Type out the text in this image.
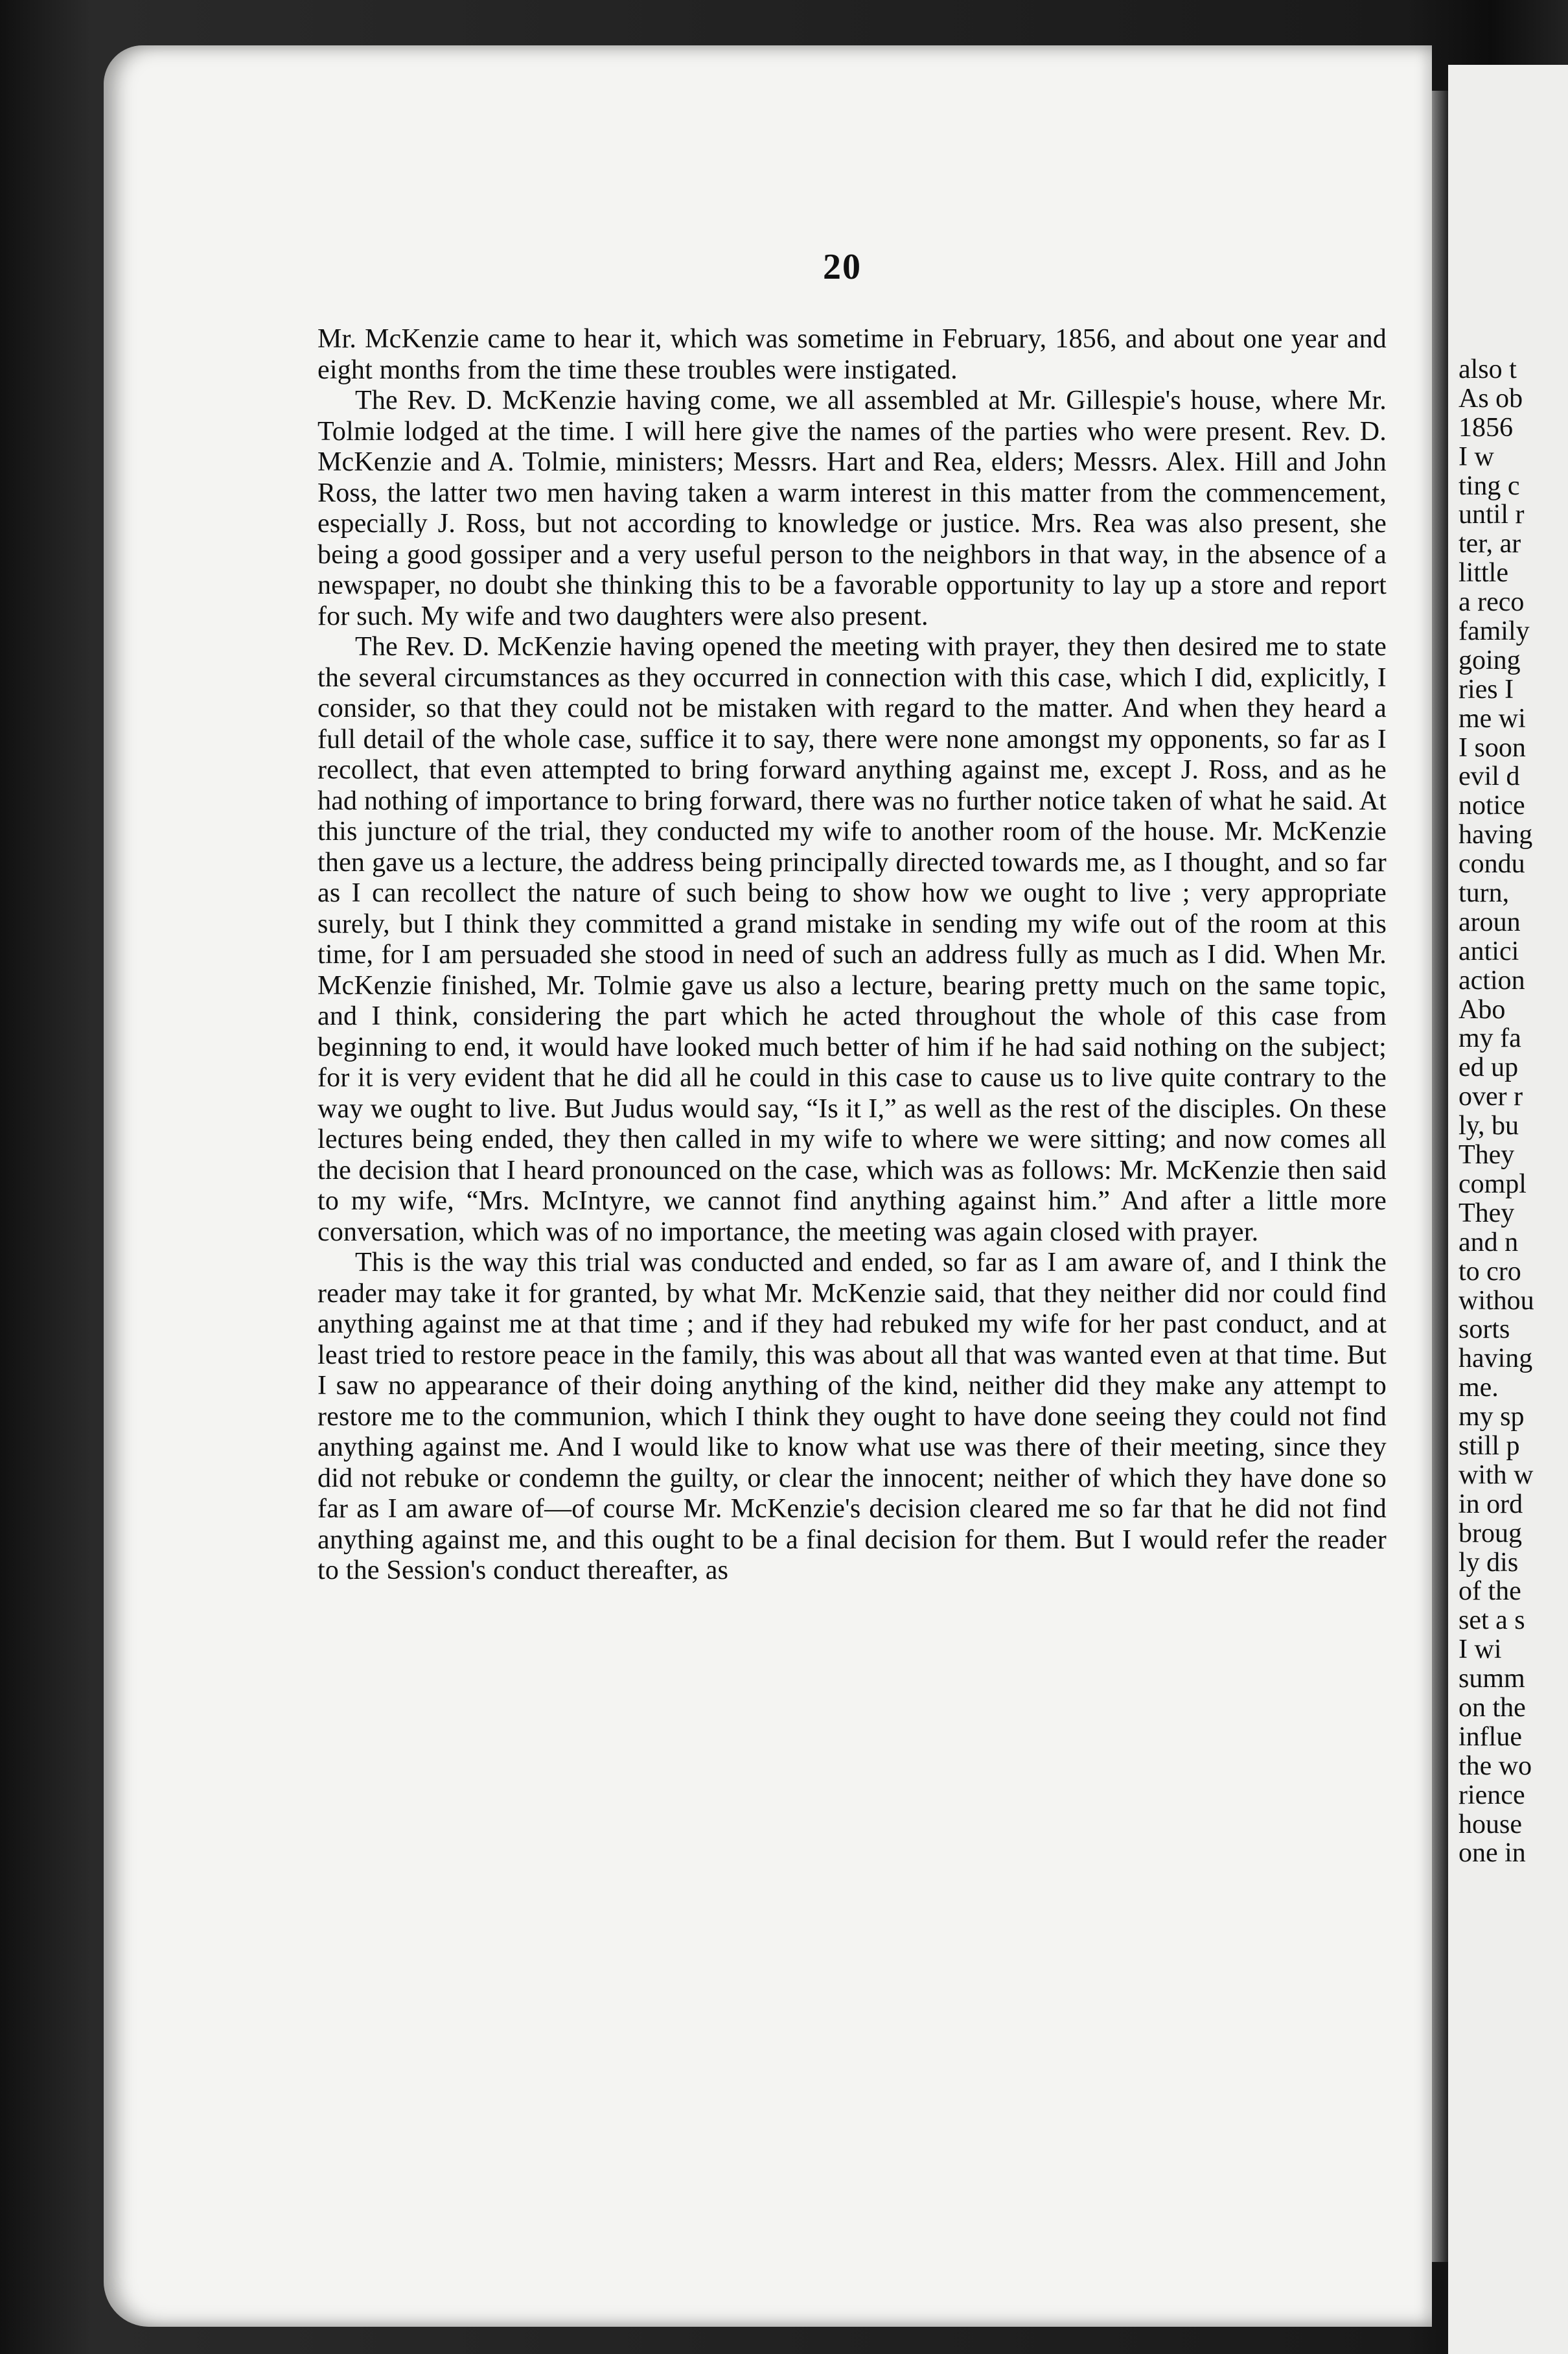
20

Mr. McKenzie came to hear it, which was sometime in February, 1856, and about one year and eight months from the time these troubles were instigated.

The Rev. D. McKenzie having come, we all assembled at Mr. Gillespie's house, where Mr. Tolmie lodged at the time. I will here give the names of the parties who were present. Rev. D. McKenzie and A. Tolmie, ministers; Messrs. Hart and Rea, elders; Messrs. Alex. Hill and John Ross, the latter two men having taken a warm interest in this matter from the commencement, especially J. Ross, but not according to knowledge or justice. Mrs. Rea was also present, she being a good gossiper and a very useful person to the neighbors in that way, in the absence of a newspaper, no doubt she thinking this to be a favorable opportunity to lay up a store and report for such. My wife and two daughters were also present.

The Rev. D. McKenzie having opened the meeting with prayer, they then desired me to state the several circumstances as they occurred in connection with this case, which I did, explicitly, I consider, so that they could not be mistaken with regard to the matter. And when they heard a full detail of the whole case, suffice it to say, there were none amongst my opponents, so far as I recollect, that even attempted to bring forward anything against me, except J. Ross, and as he had nothing of importance to bring forward, there was no further notice taken of what he said. At this juncture of the trial, they conducted my wife to another room of the house. Mr. McKenzie then gave us a lecture, the address being principally directed towards me, as I thought, and so far as I can recollect the nature of such being to show how we ought to live ; very appropriate surely, but I think they committed a grand mistake in sending my wife out of the room at this time, for I am persuaded she stood in need of such an address fully as much as I did. When Mr. McKenzie finished, Mr. Tolmie gave us also a lecture, bearing pretty much on the same topic, and I think, considering the part which he acted throughout the whole of this case from beginning to end, it would have looked much better of him if he had said nothing on the subject; for it is very evident that he did all he could in this case to cause us to live quite contrary to the way we ought to live. But Judus would say, “Is it I,” as well as the rest of the disciples. On these lectures being ended, they then called in my wife to where we were sitting; and now comes all the decision that I heard pronounced on the case, which was as follows: Mr. McKenzie then said to my wife, “Mrs. McIntyre, we cannot find anything against him.” And after a little more conversation, which was of no importance, the meeting was again closed with prayer.

This is the way this trial was conducted and ended, so far as I am aware of, and I think the reader may take it for granted, by what Mr. McKenzie said, that they neither did nor could find anything against me at that time ; and if they had rebuked my wife for her past conduct, and at least tried to restore peace in the family, this was about all that was wanted even at that time. But I saw no appearance of their doing anything of the kind, neither did they make any attempt to restore me to the communion, which I think they ought to have done seeing they could not find anything against me. And I would like to know what use was there of their meeting, since they did not rebuke or condemn the guilty, or clear the innocent; neither of which they have done so far as I am aware of—of course Mr. McKenzie's decision cleared me so far that he did not find anything against me, and this ought to be a final decision for them. But I would refer the reader to the Session's conduct thereafter, as

also t
As ob
1856
I w
ting c
until r
ter, ar
little
a reco
family
going
ries I
me wi
I soon
evil d
notice
having
condu
turn,
aroun
antici
action
Abo
my fa
ed up
over r
ly, bu
They
compl
They
and n
to cro
withou
sorts
having
me.
my sp
still p
with w
in ord
broug
ly dis
of the
set a s
I wi
summ
on the
influe
the wo
rience
house
one in
